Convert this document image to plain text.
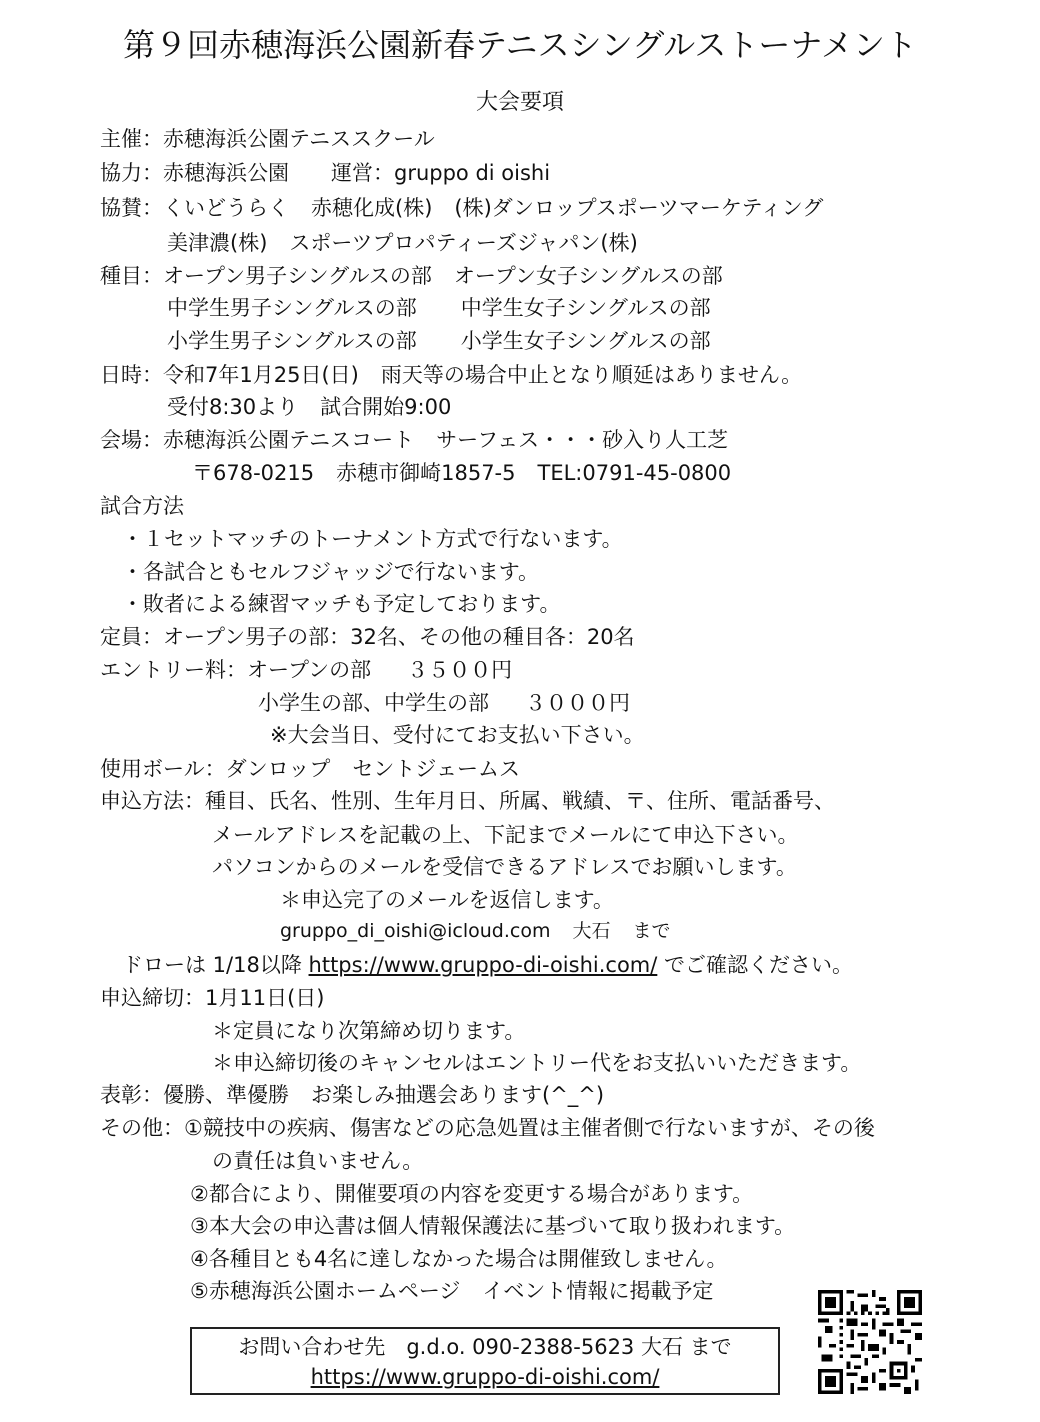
第９回赤穂海浜公園新春テニスシングルストーナメント
大会要項
主催：赤穂海浜公園テニススクール
協力：赤穂海浜公園 運営：gruppo di oishi
協賛：くいどうらく 赤穂化成(株) (株)ダンロップスポーツマーケティング
美津濃(株) スポーツプロパティーズジャパン(株)
種目：オープン男子シングルスの部 オープン女子シングルスの部
中学生男子シングルスの部 中学生女子シングルスの部
小学生男子シングルスの部 小学生女子シングルスの部
日時：令和7年1月25日(日) 雨天等の場合中止となり順延はありません。
受付8:30より 試合開始9:00
会場：赤穂海浜公園テニスコート サーフェス・・・砂入り人工芝
〒678-0215 赤穂市御崎1857-5 TEL:0791-45-0800
試合方法
・１セットマッチのトーナメント方式で行ないます。
・各試合ともセルフジャッジで行ないます。
・敗者による練習マッチも予定しております。
定員：オープン男子の部：32名、その他の種目各：20名
エントリー料：オープンの部 ３５００円
小学生の部、中学生の部 ３０００円
※大会当日、受付にてお支払い下さい。
使用ボール：ダンロップ セントジェームス
申込方法：種目、氏名、性別、生年月日、所属、戦績、〒、住所、電話番号、
メールアドレスを記載の上、下記までメールにて申込下さい。
パソコンからのメールを受信できるアドレスでお願いします。
＊申込完了のメールを返信します。
gruppo_di_oishi@icloud.com 大石 まで
ドローは 1/18以降 https://www.gruppo-di-oishi.com/ でご確認ください。
申込締切：1月11日(日)
＊定員になり次第締め切ります。
＊申込締切後のキャンセルはエントリー代をお支払いいただきます。
表彰：優勝、準優勝 お楽しみ抽選会あります(^_^)
その他：①競技中の疾病、傷害などの応急処置は主催者側で行ないますが、その後
の責任は負いません。
②都合により、開催要項の内容を変更する場合があります。
③本大会の申込書は個人情報保護法に基づいて取り扱われます。
④各種目とも4名に達しなかった場合は開催致しません。
⑤赤穂海浜公園ホームページ イベント情報に掲載予定
お問い合わせ先　g.d.o. 090-2388-5623 大石 まで
https://www.gruppo-di-oishi.com/
